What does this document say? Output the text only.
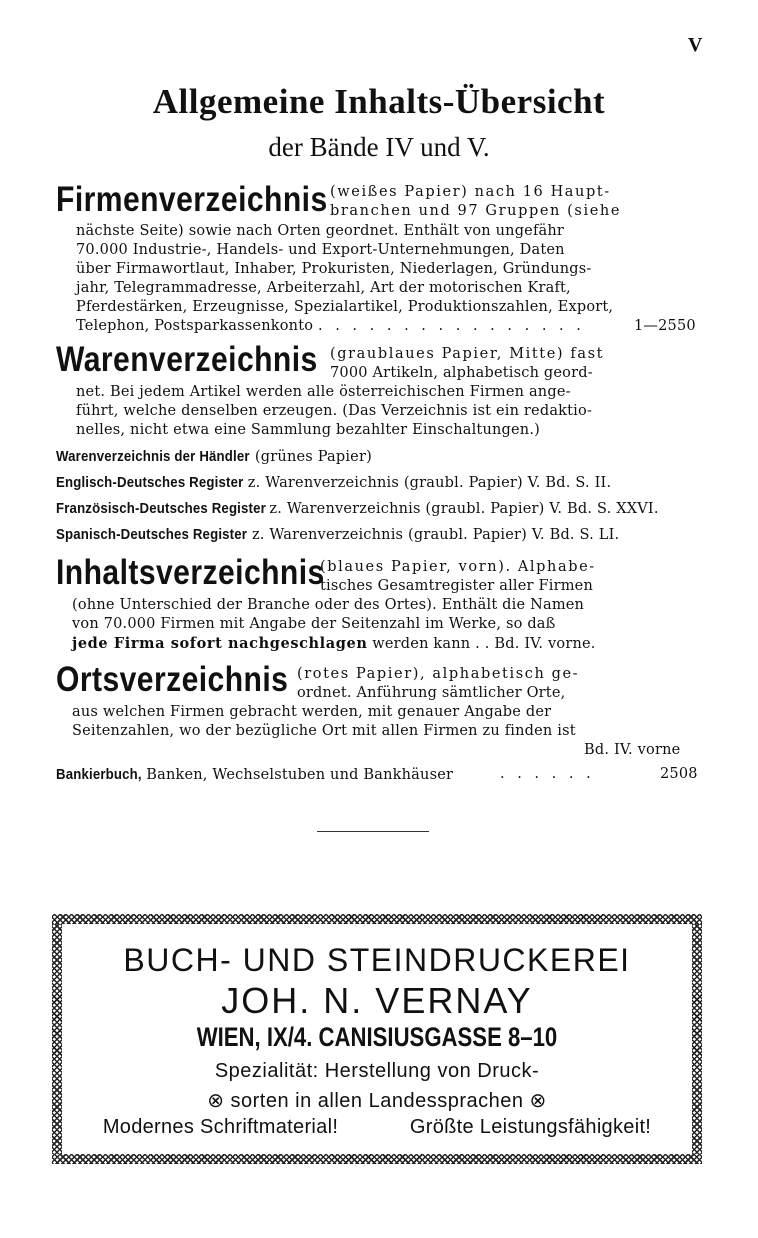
V
Allgemeine Inhalts-Übersicht
der Bände IV und V.
Firmenverzeichnis (weißes Papier) nach 16 Haupt-
branchen und 97 Gruppen (siehe
nächste Seite) sowie nach Orten geordnet. Enthält von ungefähr
70.000 Industrie-, Handels- und Export-Unternehmungen, Daten
über Firmawortlaut, Inhaber, Prokuristen, Niederlagen, Gründungs-
jahr, Telegrammadresse, Arbeiterzahl, Art der motorischen Kraft,
Pferdestärken, Erzeugnisse, Spezialartikel, Produktionszahlen, Export,
Telephon, Postsparkassenkonto . . . . . . . . . . . . . . . .	1—2550
Warenverzeichnis (graublaues Papier, Mitte) fast
7000 Artikeln, alphabetisch geord-
net. Bei jedem Artikel werden alle österreichischen Firmen ange-
führt, welche denselben erzeugen. (Das Verzeichnis ist ein redaktio-
nelles, nicht etwa eine Sammlung bezahlter Einschaltungen.)
Warenverzeichnis der Händler (grünes Papier)
Englisch-Deutsches Register z. Warenverzeichnis (graubl. Papier) V. Bd. S. II.
Französisch-Deutsches Register z. Warenverzeichnis (graubl. Papier) V. Bd. S. XXVI.
Spanisch-Deutsches Register z. Warenverzeichnis (graubl. Papier) V. Bd. S. LI.
Inhaltsverzeichnis
(blaues Papier, vorn). Alphabe-
tisches Gesamtregister aller Firmen
(ohne Unterschied der Branche oder des Ortes). Enthält die Namen
von 70.000 Firmen mit Angabe der Seitenzahl im Werke, so daß
jede Firma sofort nachgeschlagen werden kann . . Bd. IV. vorne.
Ortsverzeichnis (rotes Papier), alphabetisch ge-
ordnet. Anführung sämtlicher Orte,
aus welchen Firmen gebracht werden, mit genauer Angabe der
Seitenzahlen, wo der bezügliche Ort mit allen Firmen zu finden ist
Bd. IV. vorne
Bankierbuch, Banken, Wechselstuben und Bankhäuser	. . . . . .	2508
BUCH- UND STEINDRUCKEREI
JOH. N. VERNAY
WIEN, IX/4. CANISIUSGASSE 8–10
Spezialität: Herstellung von Druck-
⊗ sorten in allen Landessprachen ⊗
Modernes Schriftmaterial!	Größte Leistungsfähigkeit!
